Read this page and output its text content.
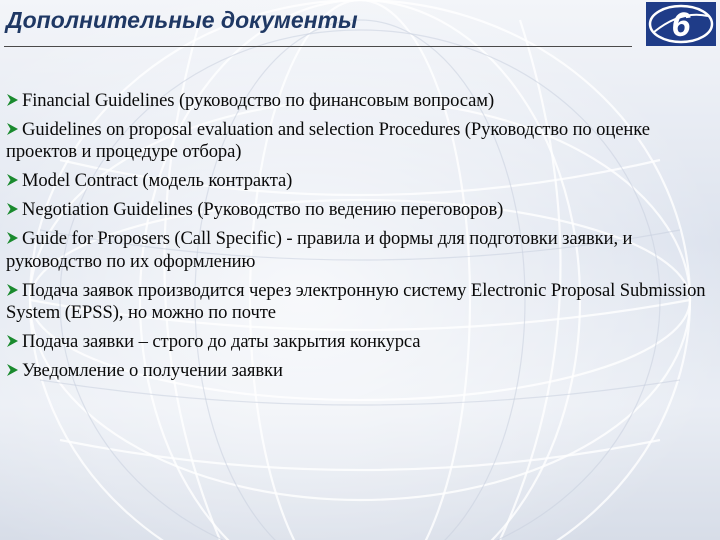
Дополнительные документы	6
Financial Guidelines (руководство по финансовым вопросам)
Guidelines on proposal evaluation and selection Procedures (Руководство по оценке проектов и процедуре отбора)
Model Contract (модель контракта)
Negotiation Guidelines (Руководство по ведению переговоров)
Guide for Proposers (Call Specific) - правила и формы для подготовки заявки, и руководство по их оформлению
Подача заявок производится через электронную систему Electronic Proposal Submission System (EPSS), но можно по почте
Подача заявки – строго до даты закрытия конкурса
Уведомление о получении заявки
